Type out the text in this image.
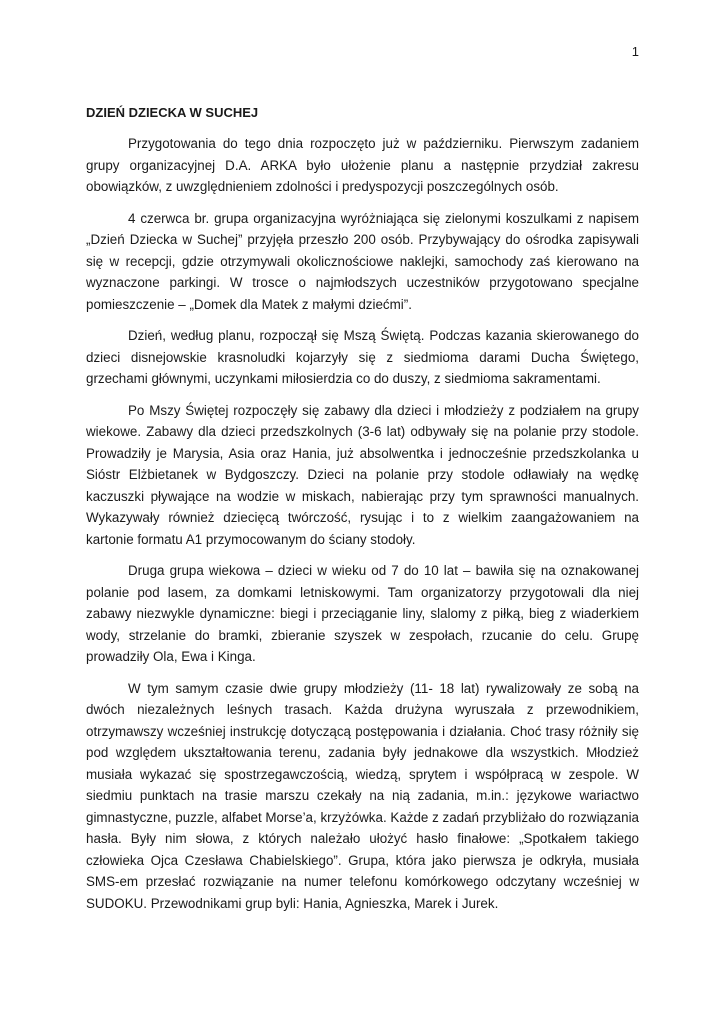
1
DZIEŃ DZIECKA W SUCHEJ

Przygotowania do tego dnia rozpoczęto już w październiku. Pierwszym zadaniem grupy organizacyjnej D.A. ARKA było ułożenie planu a następnie przydział zakresu obowiązków, z uwzględnieniem zdolności i predyspozycji poszczególnych osób.

4 czerwca br. grupa organizacyjna wyróżniająca się zielonymi koszulkami z napisem „Dzień Dziecka w Suchej” przyjęła przeszło 200 osób. Przybywający do ośrodka zapisywali się w recepcji, gdzie otrzymywali okolicznościowe naklejki, samochody zaś kierowano na wyznaczone parkingi. W trosce o najmłodszych uczestników przygotowano specjalne pomieszczenie – „Domek dla Matek z małymi dziećmi”.

Dzień, według planu, rozpoczął się Mszą Świętą. Podczas kazania skierowanego do dzieci disnejowskie krasnoludki kojarzyły się z siedmioma darami Ducha Świętego, grzechami głównymi, uczynkami miłosierdzia co do duszy, z siedmioma sakramentami.

Po Mszy Świętej rozpoczęły się zabawy dla dzieci i młodzieży z podziałem na grupy wiekowe. Zabawy dla dzieci przedszkolnych (3-6 lat) odbywały się na polanie przy stodole. Prowadziły je Marysia, Asia oraz Hania, już absolwentka i jednocześnie przedszkolanka u Sióstr Elżbietanek w Bydgoszczy. Dzieci na polanie przy stodole odławiały na wędkę kaczuszki pływające na wodzie w miskach, nabierając przy tym sprawności manualnych. Wykazywały również dziecięcą twórczość, rysując i to z wielkim zaangażowaniem na kartonie formatu A1 przymocowanym do ściany stodoły.

Druga grupa wiekowa – dzieci w wieku od 7 do 10 lat – bawiła się na oznakowanej polanie pod lasem, za domkami letniskowymi. Tam organizatorzy przygotowali dla niej zabawy niezwykle dynamiczne: biegi i przeciąganie liny, slalomy z piłką, bieg z wiaderkiem wody, strzelanie do bramki, zbieranie szyszek w zespołach, rzucanie do celu. Grupę prowadziły Ola, Ewa i Kinga.

W tym samym czasie dwie grupy młodzieży (11- 18 lat) rywalizowały ze sobą na dwóch niezależnych leśnych trasach. Każda drużyna wyruszała z przewodnikiem, otrzymawszy wcześniej instrukcję dotyczącą postępowania i działania. Choć trasy różniły się pod względem ukształtowania terenu, zadania były jednakowe dla wszystkich. Młodzież musiała wykazać się spostrzegawczością, wiedzą, sprytem i współpracą w zespole. W siedmiu punktach na trasie marszu czekały na nią zadania, m.in.: językowe wariactwo gimnastyczne, puzzle, alfabet Morse’a, krzyżówka. Każde z zadań przybliżało do rozwiązania hasła. Były nim słowa, z których należało ułożyć hasło finałowe: „Spotkałem takiego człowieka Ojca Czesława Chabielskiego”. Grupa, która jako pierwsza je odkryła, musiała SMS-em przesłać rozwiązanie na numer telefonu komórkowego odczytany wcześniej w SUDOKU. Przewodnikami grup byli: Hania, Agnieszka, Marek i Jurek.
